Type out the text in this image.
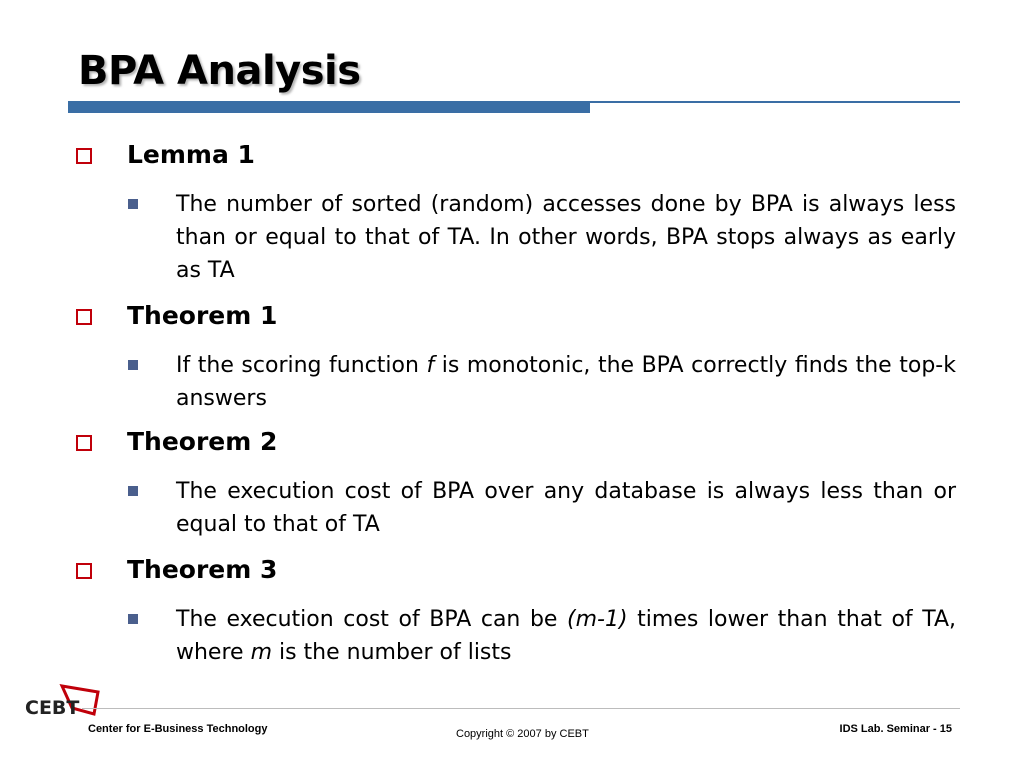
BPA Analysis
Lemma 1
The number of sorted (random) accesses done by BPA is always less than or equal to that of TA. In other words, BPA stops always as early as TA
Theorem 1
If the scoring function f is monotonic, the BPA correctly finds the top-k answers
Theorem 2
The execution cost of BPA over any database is always less than or equal to that of TA
Theorem 3
The execution cost of BPA can be (m-1) times lower than that of TA, where m is the number of lists
CEBT
Center for E-Business Technology	Copyright © 2007 by CEBT	IDS Lab. Seminar - 15
